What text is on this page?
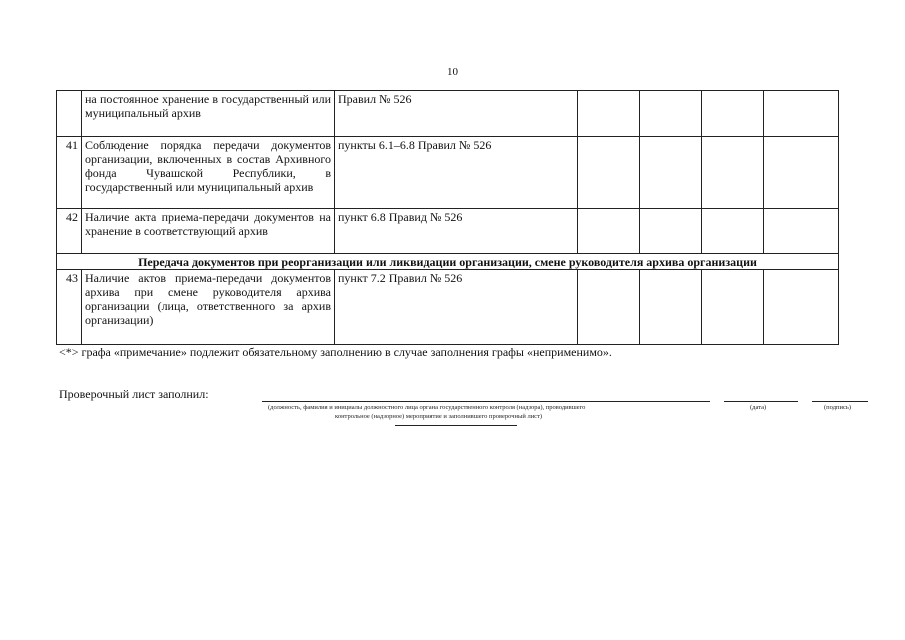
10
	на постоянное хранение в государственный или муниципальный архив	Правил № 526				
41	Соблюдение порядка передачи документов организации, включенных в состав Архивного фонда Чувашской Республики, в государственный или муниципальный архив	пункты 6.1–6.8 Правил № 526				
42	Наличие акта приема-передачи документов на хранение в соответствующий архив	пункт 6.8 Правид № 526				
Передача документов при реорганизации или ликвидации организации, смене руководителя архива организации						
43	Наличие актов приема-передачи документов архива при смене руководителя архива организации (лица, ответственного за архив организации)	пункт 7.2 Правил № 526				
<*> графа «примечание» подлежит обязательному заполнению в случае заполнения графы «неприменимо».
Проверочный лист заполнил:
(должность, фамилия и инициалы должностного лица органа государственного контроля (надзора), проводившего
контрольное (надзорное) мероприятие и заполнившего проверочный лист)
(дата)	(подпись)
